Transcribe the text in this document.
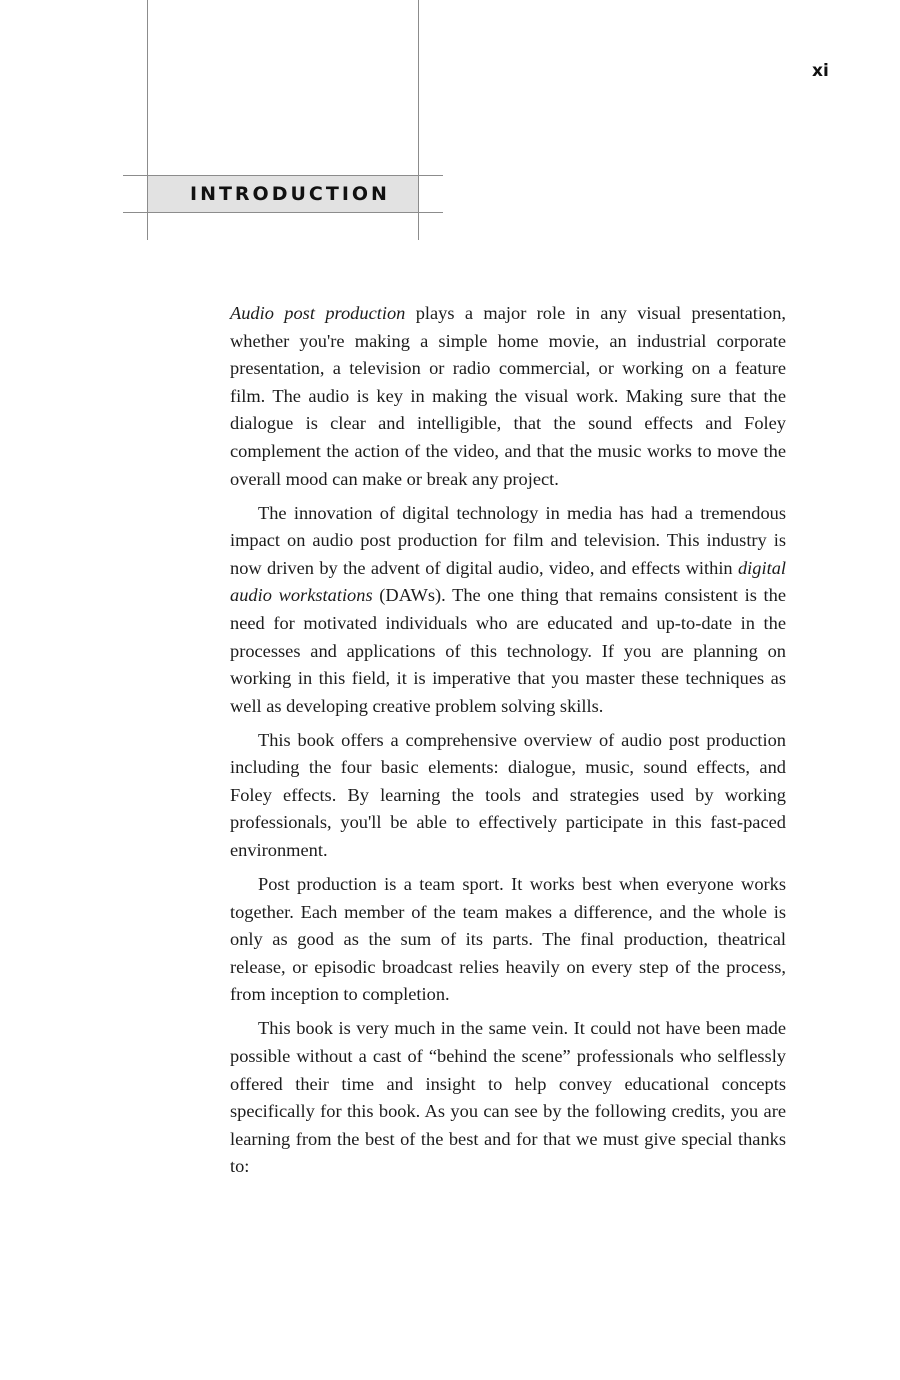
INTRODUCTION
xi

Audio post production plays a major role in any visual presentation, whether you're making a simple home movie, an industrial corporate presentation, a television or radio commercial, or working on a feature film. The audio is key in making the visual work. Making sure that the dialogue is clear and intelligible, that the sound effects and Foley complement the action of the video, and that the music works to move the overall mood can make or break any project.

The innovation of digital technology in media has had a tremendous impact on audio post production for film and television. This industry is now driven by the advent of digital audio, video, and effects within digital audio workstations (DAWs). The one thing that remains consistent is the need for motivated individuals who are educated and up-to-date in the processes and applications of this technology. If you are planning on working in this field, it is imperative that you master these techniques as well as developing creative problem solving skills.

This book offers a comprehensive overview of audio post production including the four basic elements: dialogue, music, sound effects, and Foley effects. By learning the tools and strategies used by working professionals, you'll be able to effectively participate in this fast-paced environment.

Post production is a team sport. It works best when everyone works together. Each member of the team makes a difference, and the whole is only as good as the sum of its parts. The final production, theatrical release, or episodic broadcast relies heavily on every step of the process, from inception to completion.

This book is very much in the same vein. It could not have been made possible without a cast of “behind the scene” professionals who selflessly offered their time and insight to help convey educational concepts specifically for this book. As you can see by the following credits, you are learning from the best of the best and for that we must give special thanks to:
